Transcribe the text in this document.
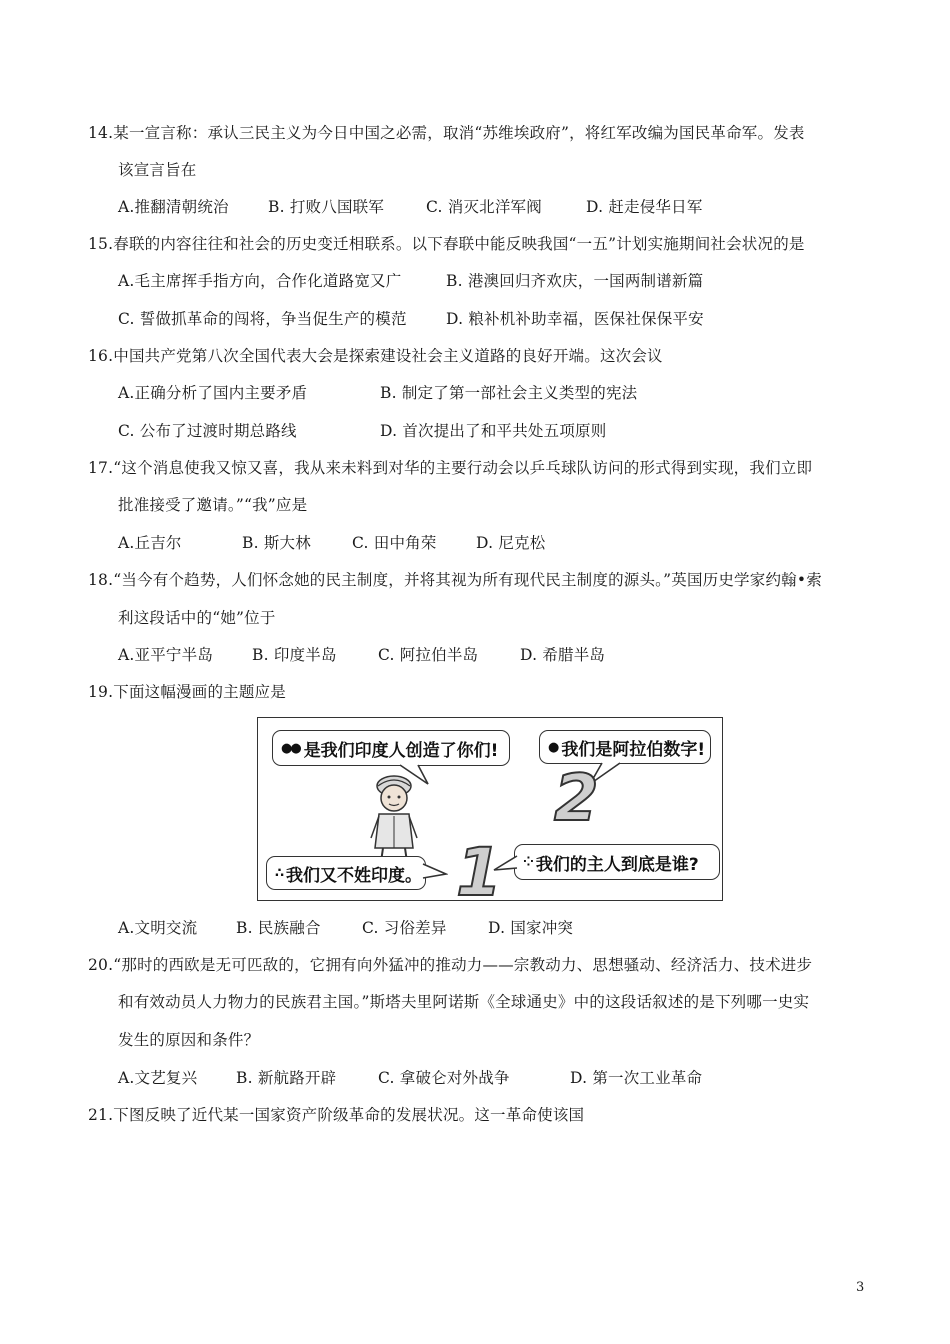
14.某一宣言称：承认三民主义为今日中国之必需，取消“苏维埃政府”，将红军改编为国民革命军。发表
该宣言旨在
A.推翻清朝统治	B. 打败八国联军	C. 消灭北洋军阀	D. 赶走侵华日军
15.春联的内容往往和社会的历史变迁相联系。以下春联中能反映我国“一五”计划实施期间社会状况的是
A.毛主席挥手指方向，合作化道路宽又广	B. 港澳回归齐欢庆，一国两制谱新篇
C. 誓做抓革命的闯将，争当促生产的模范	D. 粮补机补助幸福，医保社保保平安
16.中国共产党第八次全国代表大会是探索建设社会主义道路的良好开端。这次会议
A.正确分析了国内主要矛盾	B. 制定了第一部社会主义类型的宪法
C. 公布了过渡时期总路线	D. 首次提出了和平共处五项原则
17.“这个消息使我又惊又喜，我从来未料到对华的主要行动会以乒乓球队访问的形式得到实现，我们立即
批准接受了邀请。”“我”应是
A.丘吉尔	B. 斯大林	C. 田中角荣	D. 尼克松
18.“当今有个趋势，人们怀念她的民主制度，并将其视为所有现代民主制度的源头。”英国历史学家约翰•索
利这段话中的“她”位于
A.亚平宁半岛	B. 印度半岛	C. 阿拉伯半岛	D. 希腊半岛
19.下面这幅漫画的主题应是
●● 是我们印度人创造了你们!	● 我们是阿拉伯数字!
2
1
∴ 我们又不姓印度。
⁘ 我们的主人到底是谁?
A.文明交流	B. 民族融合	C. 习俗差异	D. 国家冲突
20.“那时的西欧是无可匹敌的，它拥有向外猛冲的推动力——宗教动力、思想骚动、经济活力、技术进步
和有效动员人力物力的民族君主国。”斯塔夫里阿诺斯《全球通史》中的这段话叙述的是下列哪一史实
发生的原因和条件？
A.文艺复兴	B. 新航路开辟	C. 拿破仑对外战争	D. 第一次工业革命
21.下图反映了近代某一国家资产阶级革命的发展状况。这一革命使该国
3
